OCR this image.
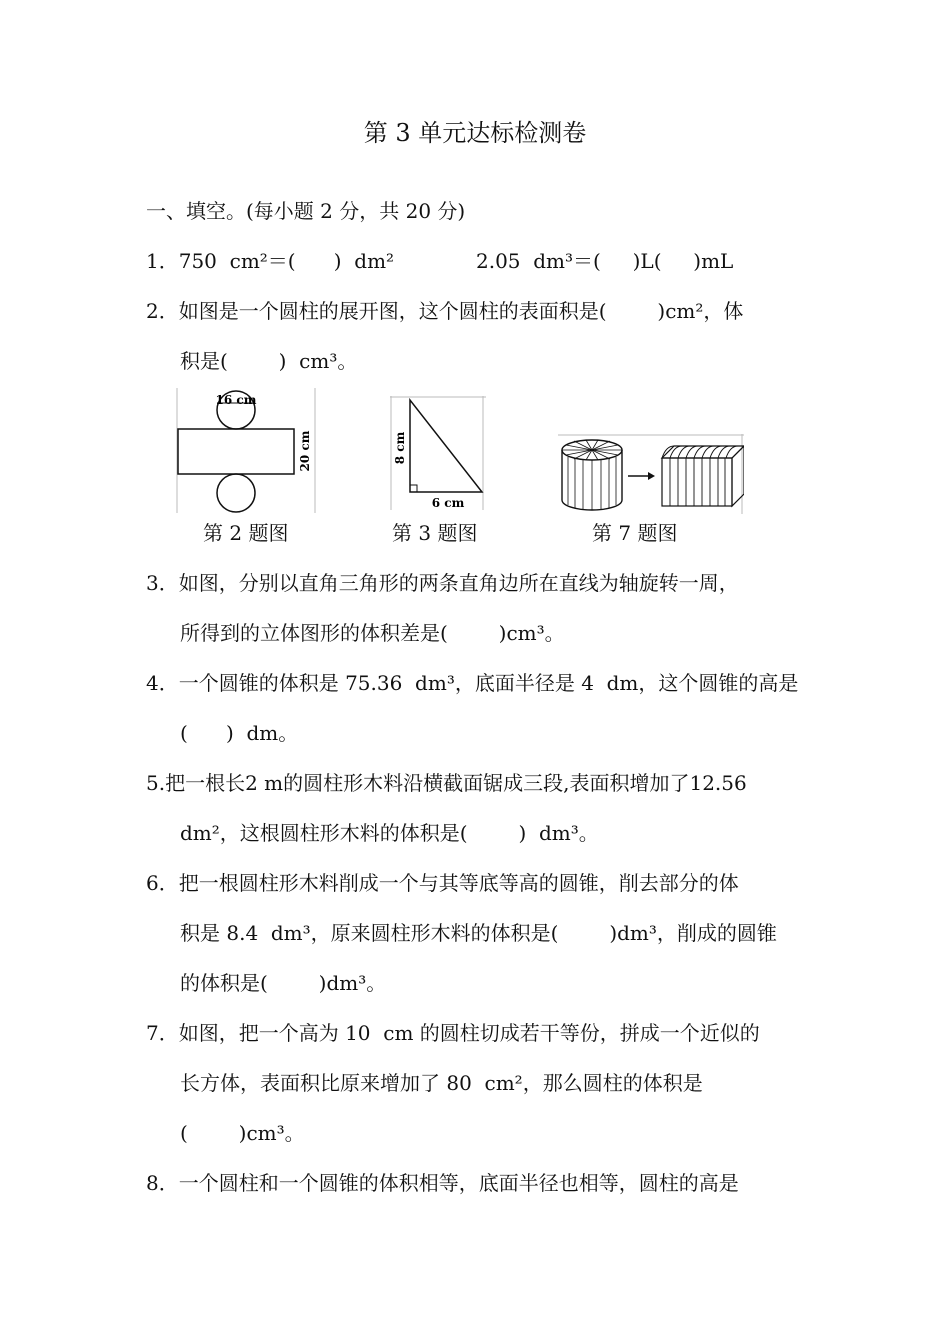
第 3 单元达标检测卷
一、填空。(每小题 2 分，共 20 分)
1．750  cm²＝(      )  dm²	2.05  dm³＝(     )L(     )mL
2．如图是一个圆柱的展开图，这个圆柱的表面积是(        )cm²，体
积是(        )  cm³。
16 cm
20 cm
第 2 题图
8 cm
6 cm
第 3 题图	第 7 题图
3．如图，分别以直角三角形的两条直角边所在直线为轴旋转一周，
所得到的立体图形的体积差是(        )cm³。
4．一个圆锥的体积是 75.36  dm³，底面半径是 4  dm，这个圆锥的高是
(      )  dm。
5.把一根长2 m的圆柱形木料沿横截面锯成三段,表面积增加了12.56
dm²，这根圆柱形木料的体积是(        )  dm³。
6．把一根圆柱形木料削成一个与其等底等高的圆锥，削去部分的体
积是 8.4  dm³，原来圆柱形木料的体积是(        )dm³，削成的圆锥
的体积是(        )dm³。
7．如图，把一个高为 10  cm 的圆柱切成若干等份，拼成一个近似的
长方体，表面积比原来增加了 80  cm²，那么圆柱的体积是
(        )cm³。
8．一个圆柱和一个圆锥的体积相等，底面半径也相等，圆柱的高是
